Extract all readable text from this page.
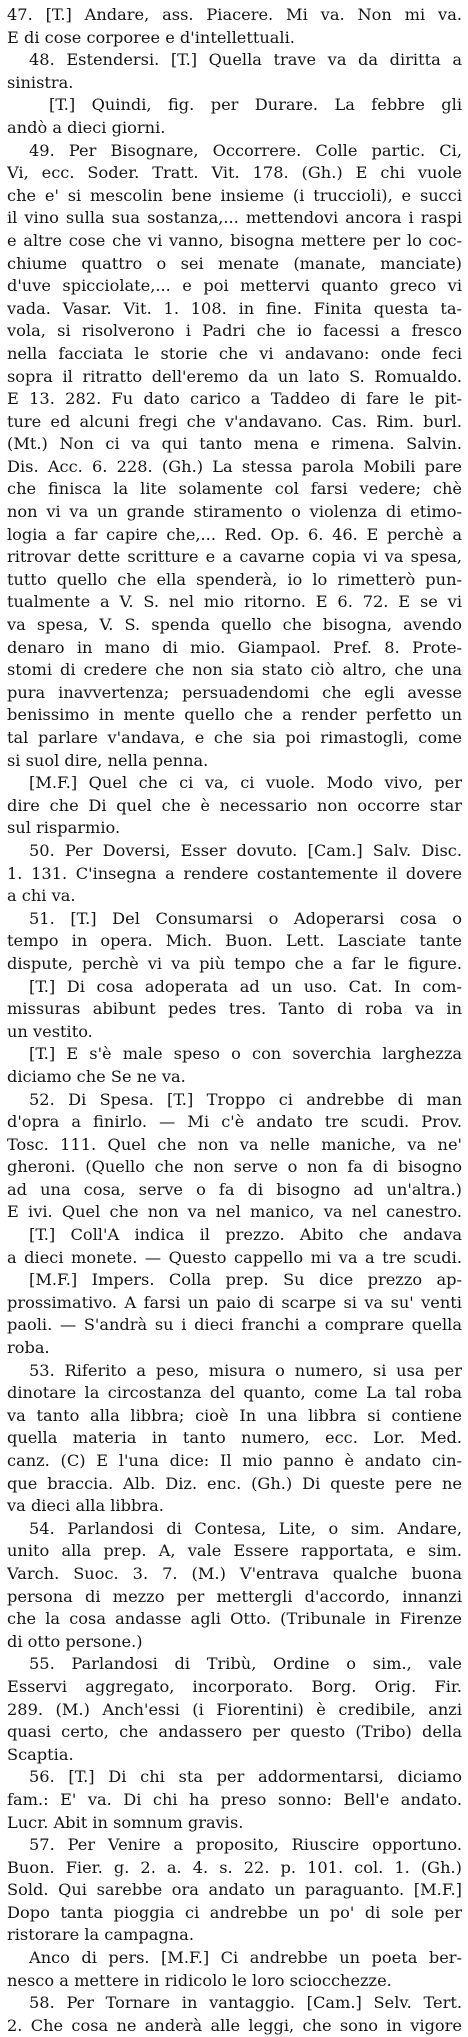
47. [T.] Andare, ass. Piacere. Mi va. Non mi va.
E di cose corporee e d'intellettuali.
48. Estendersi. [T.] Quella trave va da diritta a
sinistra.
[T.] Quindi, fig. per Durare. La febbre gli
andò a dieci giorni.
49. Per Bisognare, Occorrere. Colle partic. Ci,
Vi, ecc. Soder. Tratt. Vit. 178. (Gh.) E chi vuole
che e' si mescolin bene insieme (i truccioli), e succi
il vino sulla sua sostanza,... mettendovi ancora i raspi
e altre cose che vi vanno, bisogna mettere per lo coc-
chiume quattro o sei menate (manate, manciate)
d'uve spicciolate,... e poi mettervi quanto greco vi
vada. Vasar. Vit. 1. 108. in fine. Finita questa ta-
vola, si risolverono i Padri che io facessi a fresco
nella facciata le storie che vi andavano: onde feci
sopra il ritratto dell'eremo da un lato S. Romualdo.
E 13. 282. Fu dato carico a Taddeo di fare le pit-
ture ed alcuni fregi che v'andavano. Cas. Rim. burl.
(Mt.) Non ci va qui tanto mena e rimena. Salvin.
Dis. Acc. 6. 228. (Gh.) La stessa parola Mobili pare
che finisca la lite solamente col farsi vedere; chè
non vi va un grande stiramento o violenza di etimo-
logia a far capire che,... Red. Op. 6. 46. E perchè a
ritrovar dette scritture e a cavarne copia vi va spesa,
tutto quello che ella spenderà, io lo rimetterò pun-
tualmente a V. S. nel mio ritorno. E 6. 72. E se vi
va spesa, V. S. spenda quello che bisogna, avendo
denaro in mano di mio. Giampaol. Pref. 8. Prote-
stomi di credere che non sia stato ciò altro, che una
pura inavvertenza; persuadendomi che egli avesse
benissimo in mente quello che a render perfetto un
tal parlare v'andava, e che sia poi rimastogli, come
si suol dire, nella penna.
[M.F.] Quel che ci va, ci vuole. Modo vivo, per
dire che Di quel che è necessario non occorre star
sul risparmio.
50. Per Doversi, Esser dovuto. [Cam.] Salv. Disc.
1. 131. C'insegna a rendere costantemente il dovere
a chi va.
51. [T.] Del Consumarsi o Adoperarsi cosa o
tempo in opera. Mich. Buon. Lett. Lasciate tante
dispute, perchè vi va più tempo che a far le figure.
[T.] Di cosa adoperata ad un uso. Cat. In com-
missuras abibunt pedes tres. Tanto di roba va in
un vestito.
[T.] E s'è male speso o con soverchia larghezza
diciamo che Se ne va.
52. Di Spesa. [T.] Troppo ci andrebbe di man
d'opra a finirlo. — Mi c'è andato tre scudi. Prov.
Tosc. 111. Quel che non va nelle maniche, va ne'
gheroni. (Quello che non serve o non fa di bisogno
ad una cosa, serve o fa di bisogno ad un'altra.)
E ivi. Quel che non va nel manico, va nel canestro.
[T.] Coll'A indica il prezzo. Abito che andava
a dieci monete. — Questo cappello mi va a tre scudi.
[M.F.] Impers. Colla prep. Su dice prezzo ap-
prossimativo. A farsi un paio di scarpe si va su' venti
paoli. — S'andrà su i dieci franchi a comprare quella
roba.
53. Riferito a peso, misura o numero, si usa per
dinotare la circostanza del quanto, come La tal roba
va tanto alla libbra; cioè In una libbra si contiene
quella materia in tanto numero, ecc. Lor. Med.
canz. (C) E l'una dice: Il mio panno è andato cin-
que braccia. Alb. Diz. enc. (Gh.) Di queste pere ne
va dieci alla libbra.
54. Parlandosi di Contesa, Lite, o sim. Andare,
unito alla prep. A, vale Essere rapportata, e sim.
Varch. Suoc. 3. 7. (M.) V'entrava qualche buona
persona di mezzo per mettergli d'accordo, innanzi
che la cosa andasse agli Otto. (Tribunale in Firenze
di otto persone.)
55. Parlandosi di Tribù, Ordine o sim., vale
Esservi aggregato, incorporato. Borg. Orig. Fir.
289. (M.) Anch'essi (i Fiorentini) è credibile, anzi
quasi certo, che andassero per questo (Tribo) della
Scaptia.
56. [T.] Di chi sta per addormentarsi, diciamo
fam.: E' va. Di chi ha preso sonno: Bell'e andato.
Lucr. Abit in somnum gravis.
57. Per Venire a proposito, Riuscire opportuno.
Buon. Fier. g. 2. a. 4. s. 22. p. 101. col. 1. (Gh.)
Sold. Qui sarebbe ora andato un paraguanto. [M.F.]
Dopo tanta pioggia ci andrebbe un po' di sole per
ristorare la campagna.
Anco di pers. [M.F.] Ci andrebbe un poeta ber-
nesco a mettere in ridicolo le loro sciocchezze.
58. Per Tornare in vantaggio. [Cam.] Selv. Tert.
2. Che cosa ne anderà alle leggi, che sono in vigore
